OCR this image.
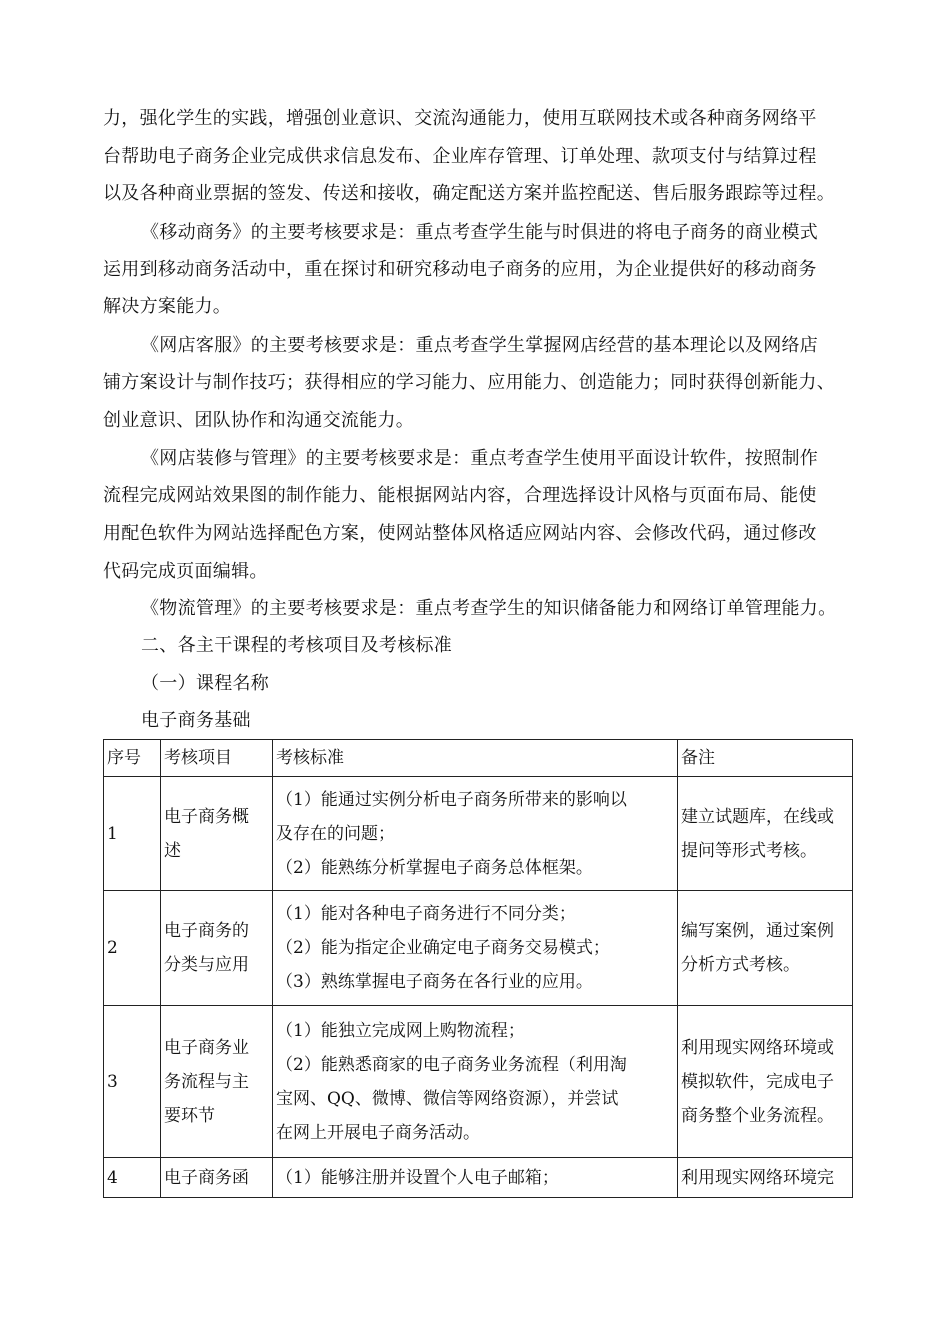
力，强化学生的实践，增强创业意识、交流沟通能力，使用互联网技术或各种商务网络平
台帮助电子商务企业完成供求信息发布、企业库存管理、订单处理、款项支付与结算过程
以及各种商业票据的签发、传送和接收，确定配送方案并监控配送、售后服务跟踪等过程。
《移动商务》的主要考核要求是：重点考查学生能与时俱进的将电子商务的商业模式
运用到移动商务活动中，重在探讨和研究移动电子商务的应用，为企业提供好的移动商务
解决方案能力。
《网店客服》的主要考核要求是：重点考查学生掌握网店经营的基本理论以及网络店
铺方案设计与制作技巧；获得相应的学习能力、应用能力、创造能力；同时获得创新能力、
创业意识、团队协作和沟通交流能力。
《网店装修与管理》的主要考核要求是：重点考查学生使用平面设计软件，按照制作
流程完成网站效果图的制作能力、能根据网站内容，合理选择设计风格与页面布局、能使
用配色软件为网站选择配色方案，使网站整体风格适应网站内容、会修改代码，通过修改
代码完成页面编辑。
《物流管理》的主要考核要求是：重点考查学生的知识储备能力和网络订单管理能力。
二、各主干课程的考核项目及考核标准
（一）课程名称
电子商务基础
序号	考核项目	考核标准	备注
1	电子商务概
述	（1）能通过实例分析电子商务所带来的影响以
及存在的问题；
（2）能熟练分析掌握电子商务总体框架。	建立试题库，在线或
提问等形式考核。

2	电子商务的
分类与应用	（1）能对各种电子商务进行不同分类；
（2）能为指定企业确定电子商务交易模式；
（3）熟练掌握电子商务在各行业的应用。	编写案例，通过案例
分析方式考核。

3	电子商务业
务流程与主
要环节	（1）能独立完成网上购物流程；
（2）能熟悉商家的电子商务业务流程（利用淘
宝网、QQ、微博、微信等网络资源），并尝试
在网上开展电子商务活动。	利用现实网络环境或
模拟软件，完成电子
商务整个业务流程。

4	电子商务函	（1）能够注册并设置个人电子邮箱；	利用现实网络环境完
